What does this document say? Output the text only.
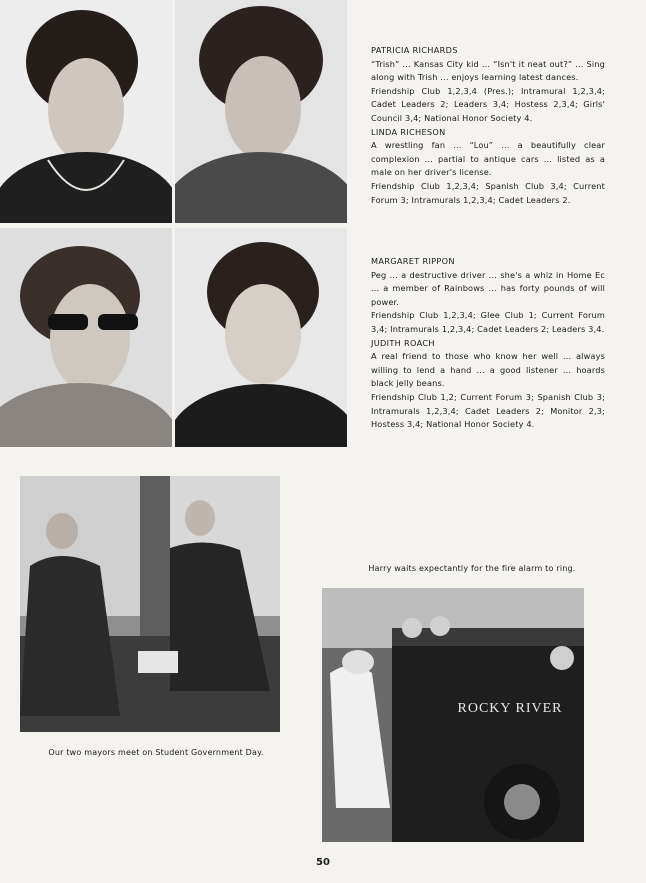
PATRICIA RICHARDS

“Trish” ... Kansas City kid ... “Isn't it neat out?” ... Sing along with Trish ... enjoys learning latest dances.

Friendship Club 1,2,3,4 (Pres.); Intramural 1,2,3,4; Cadet Leaders 2; Leaders 3,4; Hostess 2,3,4; Girls' Council 3,4; National Honor Society 4.

LINDA RICHESON

A wrestling fan ... “Lou” ... a beautifully clear complexion ... partial to antique cars ... listed as a male on her driver's license.

Friendship Club 1,2,3,4; Spanish Club 3,4; Current Forum 3; Intramurals 1,2,3,4; Cadet Leaders 2.

MARGARET RIPPON

Peg ... a destructive driver ... she's a whiz in Home Ec ... a member of Rainbows ... has forty pounds of will power.

Friendship Club 1,2,3,4; Glee Club 1; Current Forum 3,4; Intramurals 1,2,3,4; Cadet Leaders 2; Leaders 3,4.

JUDITH ROACH

A real friend to those who know her well ... always willing to lend a hand ... a good listener ... hoards black jelly beans.

Friendship Club 1,2; Current Forum 3; Spanish Club 3; Intramurals 1,2,3,4; Cadet Leaders 2; Monitor 2,3; Hostess 3,4; National Honor Society 4.

Our two mayors meet on Student Government Day.
Harry waits expectantly for the fire alarm to ring.
ROCKY RIVER
50
